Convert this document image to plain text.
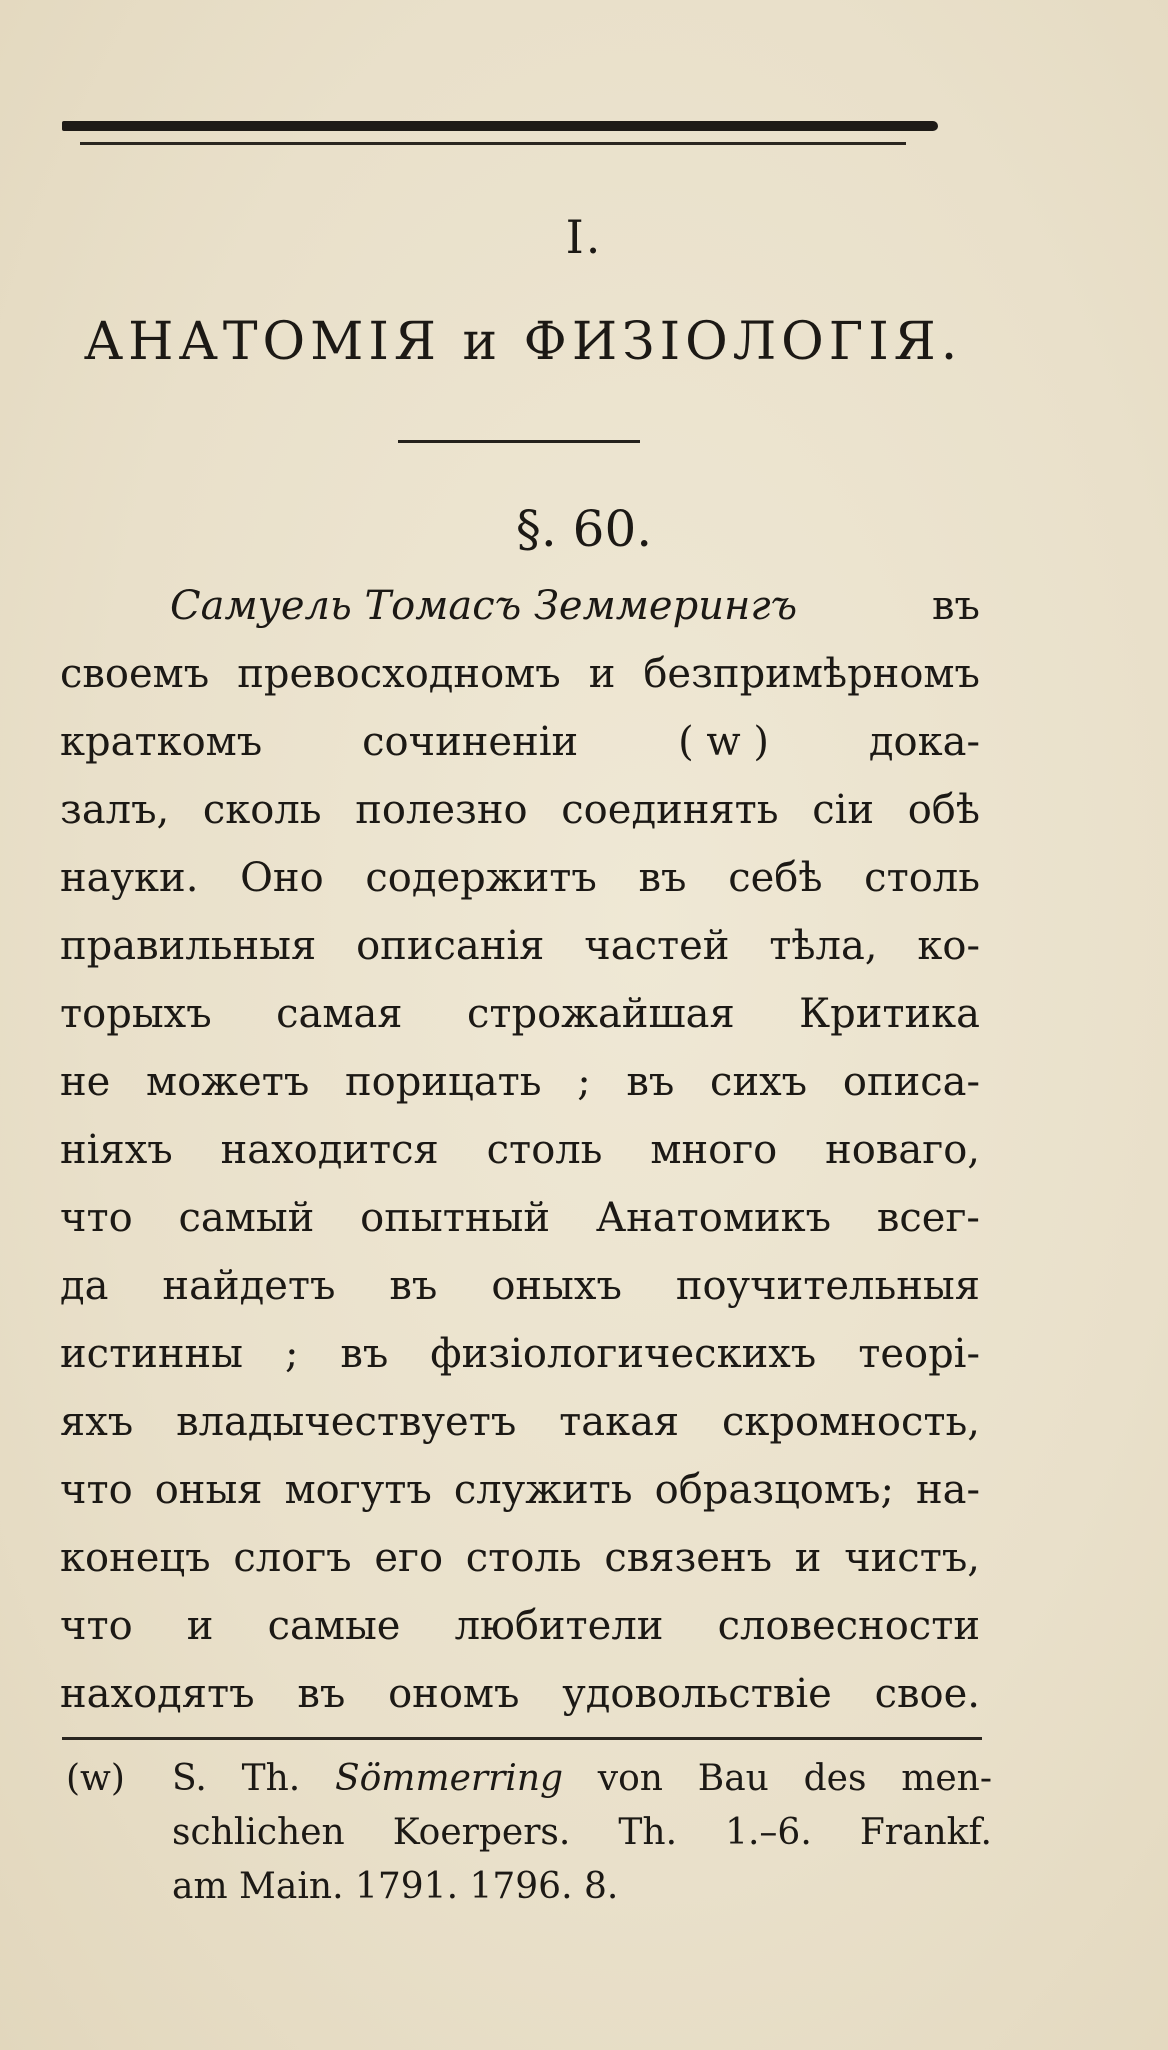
I.
АНАТОМІЯ и ФИЗІОЛОГІЯ.
§. 60.
Самуель Томасъ Земмерингъ	въ
своемъ превосходномъ и безпримѣрномъ
краткомъ сочиненіи ( w ) дока-
залъ, сколь полезно соединять сіи обѣ
науки. Оно содержитъ въ себѣ столь
правильныя описанія частей тѣла, ко-
торыхъ самая строжайшая Критика
не можетъ порицать ; въ сихъ описа-
ніяхъ находится столь много новаго,
что самый опытный Анатомикъ всег-
да найдетъ въ оныхъ поучительныя
истинны ; въ физіологическихъ теорі-
яхъ владычествуетъ такая скромность,
что оныя могутъ служить образцомъ; на-
конецъ слогъ его столь связенъ и чистъ,
что и самые любители словесности
находятъ въ ономъ удовольствіе свое.
(w) S. Th. Sömmerring von Bau des men-
schlichen Koerpers. Th. 1.–6. Frankf.
am Main. 1791. 1796. 8.
